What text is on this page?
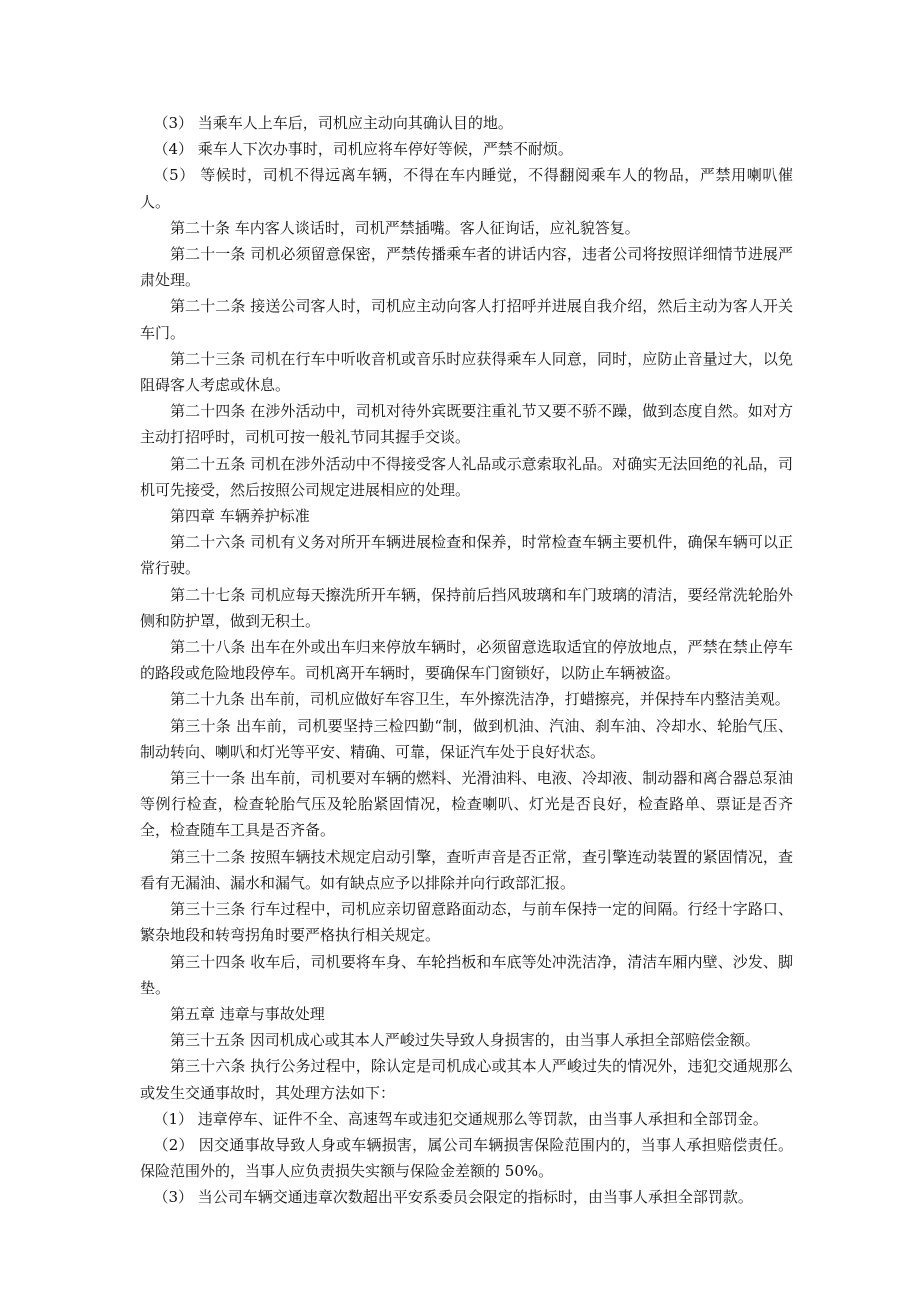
（3） 当乘车人上车后，司机应主动向其确认目的地。

（4） 乘车人下次办事时，司机应将车停好等候，严禁不耐烦。

（5） 等候时，司机不得远离车辆，不得在车内睡觉，不得翻阅乘车人的物品，严禁用喇叭催人。

第二十条 车内客人谈话时，司机严禁插嘴。客人征询话，应礼貌答复。

第二十一条 司机必须留意保密，严禁传播乘车者的讲话内容，违者公司将按照详细情节进展严肃处理。

第二十二条 接送公司客人时，司机应主动向客人打招呼并进展自我介绍，然后主动为客人开关车门。

第二十三条 司机在行车中听收音机或音乐时应获得乘车人同意，同时，应防止音量过大，以免阻碍客人考虑或休息。

第二十四条 在涉外活动中，司机对待外宾既要注重礼节又要不骄不躁，做到态度自然。如对方主动打招呼时，司机可按一般礼节同其握手交谈。

第二十五条 司机在涉外活动中不得接受客人礼品或示意索取礼品。对确实无法回绝的礼品，司机可先接受，然后按照公司规定进展相应的处理。

第四章 车辆养护标准

第二十六条 司机有义务对所开车辆进展检查和保养，时常检查车辆主要机件，确保车辆可以正常行驶。

第二十七条 司机应每天擦洗所开车辆，保持前后挡风玻璃和车门玻璃的清洁，要经常洗轮胎外侧和防护罩，做到无积土。

第二十八条 出车在外或出车归来停放车辆时，必须留意选取适宜的停放地点，严禁在禁止停车的路段或危险地段停车。司机离开车辆时，要确保车门窗锁好，以防止车辆被盗。

第二十九条 出车前，司机应做好车容卫生，车外擦洗洁净，打蜡擦亮，并保持车内整洁美观。

第三十条 出车前，司机要坚持三检四勤“制，做到机油、汽油、刹车油、冷却水、轮胎气压、制动转向、喇叭和灯光等平安、精确、可靠，保证汽车处于良好状态。

第三十一条 出车前，司机要对车辆的燃料、光滑油料、电液、冷却液、制动器和离合器总泵油等例行检查，检查轮胎气压及轮胎紧固情况，检查喇叭、灯光是否良好，检查路单、票证是否齐全，检查随车工具是否齐备。

第三十二条 按照车辆技术规定启动引擎，查听声音是否正常，查引擎连动装置的紧固情况，查看有无漏油、漏水和漏气。如有缺点应予以排除并向行政部汇报。

第三十三条 行车过程中，司机应亲切留意路面动态，与前车保持一定的间隔。行经十字路口、繁杂地段和转弯拐角时要严格执行相关规定。

第三十四条 收车后，司机要将车身、车轮挡板和车底等处冲洗洁净，清洁车厢内壁、沙发、脚垫。

第五章 违章与事故处理

第三十五条 因司机成心或其本人严峻过失导致人身损害的，由当事人承担全部赔偿金额。

第三十六条 执行公务过程中，除认定是司机成心或其本人严峻过失的情况外，违犯交通规那么或发生交通事故时，其处理方法如下：

（1） 违章停车、证件不全、高速驾车或违犯交通规那么等罚款，由当事人承担和全部罚金。

（2） 因交通事故导致人身或车辆损害，属公司车辆损害保险范围内的，当事人承担赔偿责任。保险范围外的，当事人应负责损失实额与保险金差额的 50%。

（3） 当公司车辆交通违章次数超出平安系委员会限定的指标时，由当事人承担全部罚款。
